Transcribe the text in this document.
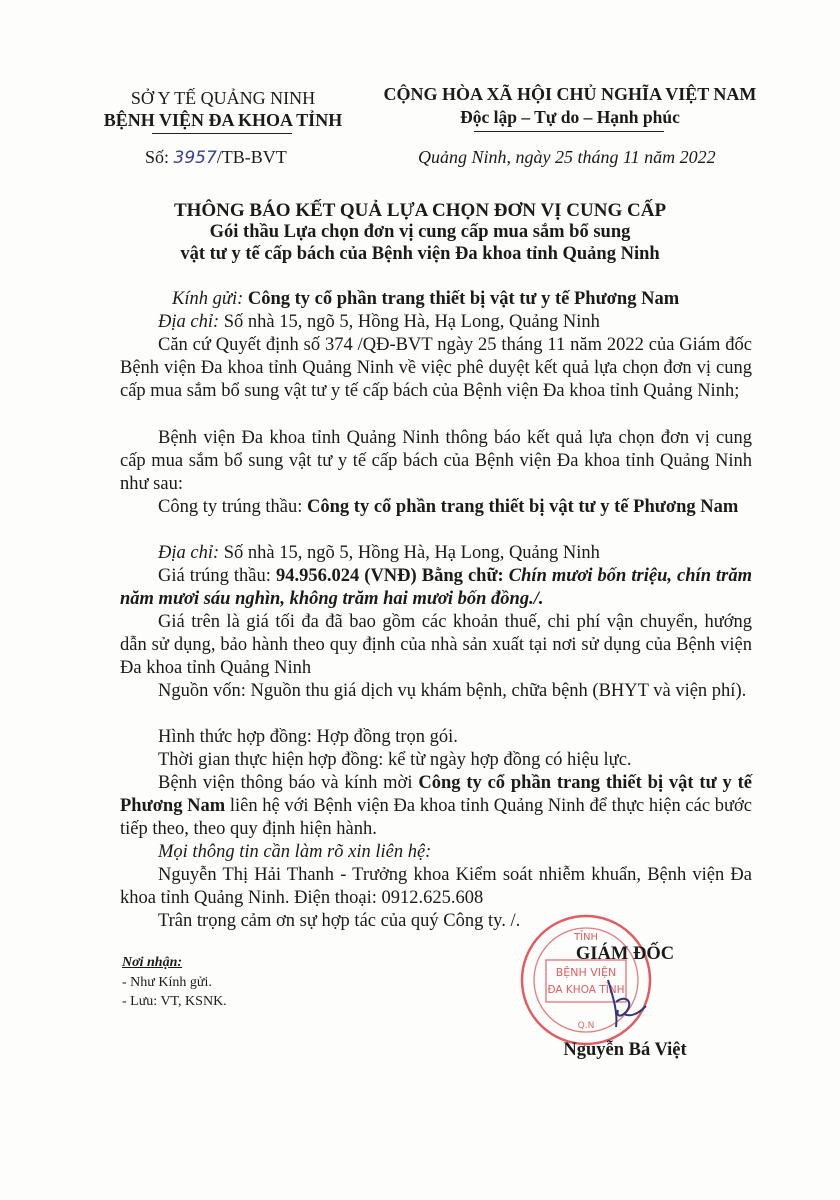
SỞ Y TẾ QUẢNG NINH
BỆNH VIỆN ĐA KHOA TỈNH
CỘNG HÒA XÃ HỘI CHỦ NGHĨA VIỆT NAM
Độc lập – Tự do – Hạnh phúc
Số: 3957/TB-BVT	Quảng Ninh, ngày 25 tháng 11 năm 2022
THÔNG BÁO KẾT QUẢ LỰA CHỌN ĐƠN VỊ CUNG CẤP
Gói thầu Lựa chọn đơn vị cung cấp mua sắm bổ sung
vật tư y tế cấp bách của Bệnh viện Đa khoa tỉnh Quảng Ninh
Kính gửi: Công ty cổ phần trang thiết bị vật tư y tế Phương Nam
Địa chỉ: Số nhà 15, ngõ 5, Hồng Hà, Hạ Long, Quảng Ninh
Căn cứ Quyết định số 374 /QĐ-BVT ngày 25 tháng 11 năm 2022 của Giám đốc Bệnh viện Đa khoa tỉnh Quảng Ninh về việc phê duyệt kết quả lựa chọn đơn vị cung cấp mua sắm bổ sung vật tư y tế cấp bách của Bệnh viện Đa khoa tỉnh Quảng Ninh;
Bệnh viện Đa khoa tỉnh Quảng Ninh thông báo kết quả lựa chọn đơn vị cung cấp mua sắm bổ sung vật tư y tế cấp bách của Bệnh viện Đa khoa tỉnh Quảng Ninh như sau:
Công ty trúng thầu: Công ty cổ phần trang thiết bị vật tư y tế Phương Nam
Địa chỉ: Số nhà 15, ngõ 5, Hồng Hà, Hạ Long, Quảng Ninh
Giá trúng thầu: 94.956.024 (VNĐ) Bằng chữ: Chín mươi bốn triệu, chín trăm năm mươi sáu nghìn, không trăm hai mươi bốn đồng./.
Giá trên là giá tối đa đã bao gồm các khoản thuế, chi phí vận chuyển, hướng dẫn sử dụng, bảo hành theo quy định của nhà sản xuất tại nơi sử dụng của Bệnh viện Đa khoa tỉnh Quảng Ninh
Nguồn vốn: Nguồn thu giá dịch vụ khám bệnh, chữa bệnh (BHYT và viện phí).
Hình thức hợp đồng: Hợp đồng trọn gói.
Thời gian thực hiện hợp đồng: kể từ ngày hợp đồng có hiệu lực.
Bệnh viện thông báo và kính mời Công ty cổ phần trang thiết bị vật tư y tế Phương Nam liên hệ với Bệnh viện Đa khoa tỉnh Quảng Ninh để thực hiện các bước tiếp theo, theo quy định hiện hành.
Mọi thông tin cần làm rõ xin liên hệ:
Nguyễn Thị Hải Thanh - Trưởng khoa Kiểm soát nhiễm khuẩn, Bệnh viện Đa khoa tỉnh Quảng Ninh. Điện thoại: 0912.625.608
Trân trọng cảm ơn sự hợp tác của quý Công ty. /.
Nơi nhận:
- Như Kính gửi.
- Lưu: VT, KSNK.
TỈNH
BỆNH VIỆN
ĐA KHOA TỈNH
Q.N
GIÁM ĐỐC
Nguyễn Bá Việt
